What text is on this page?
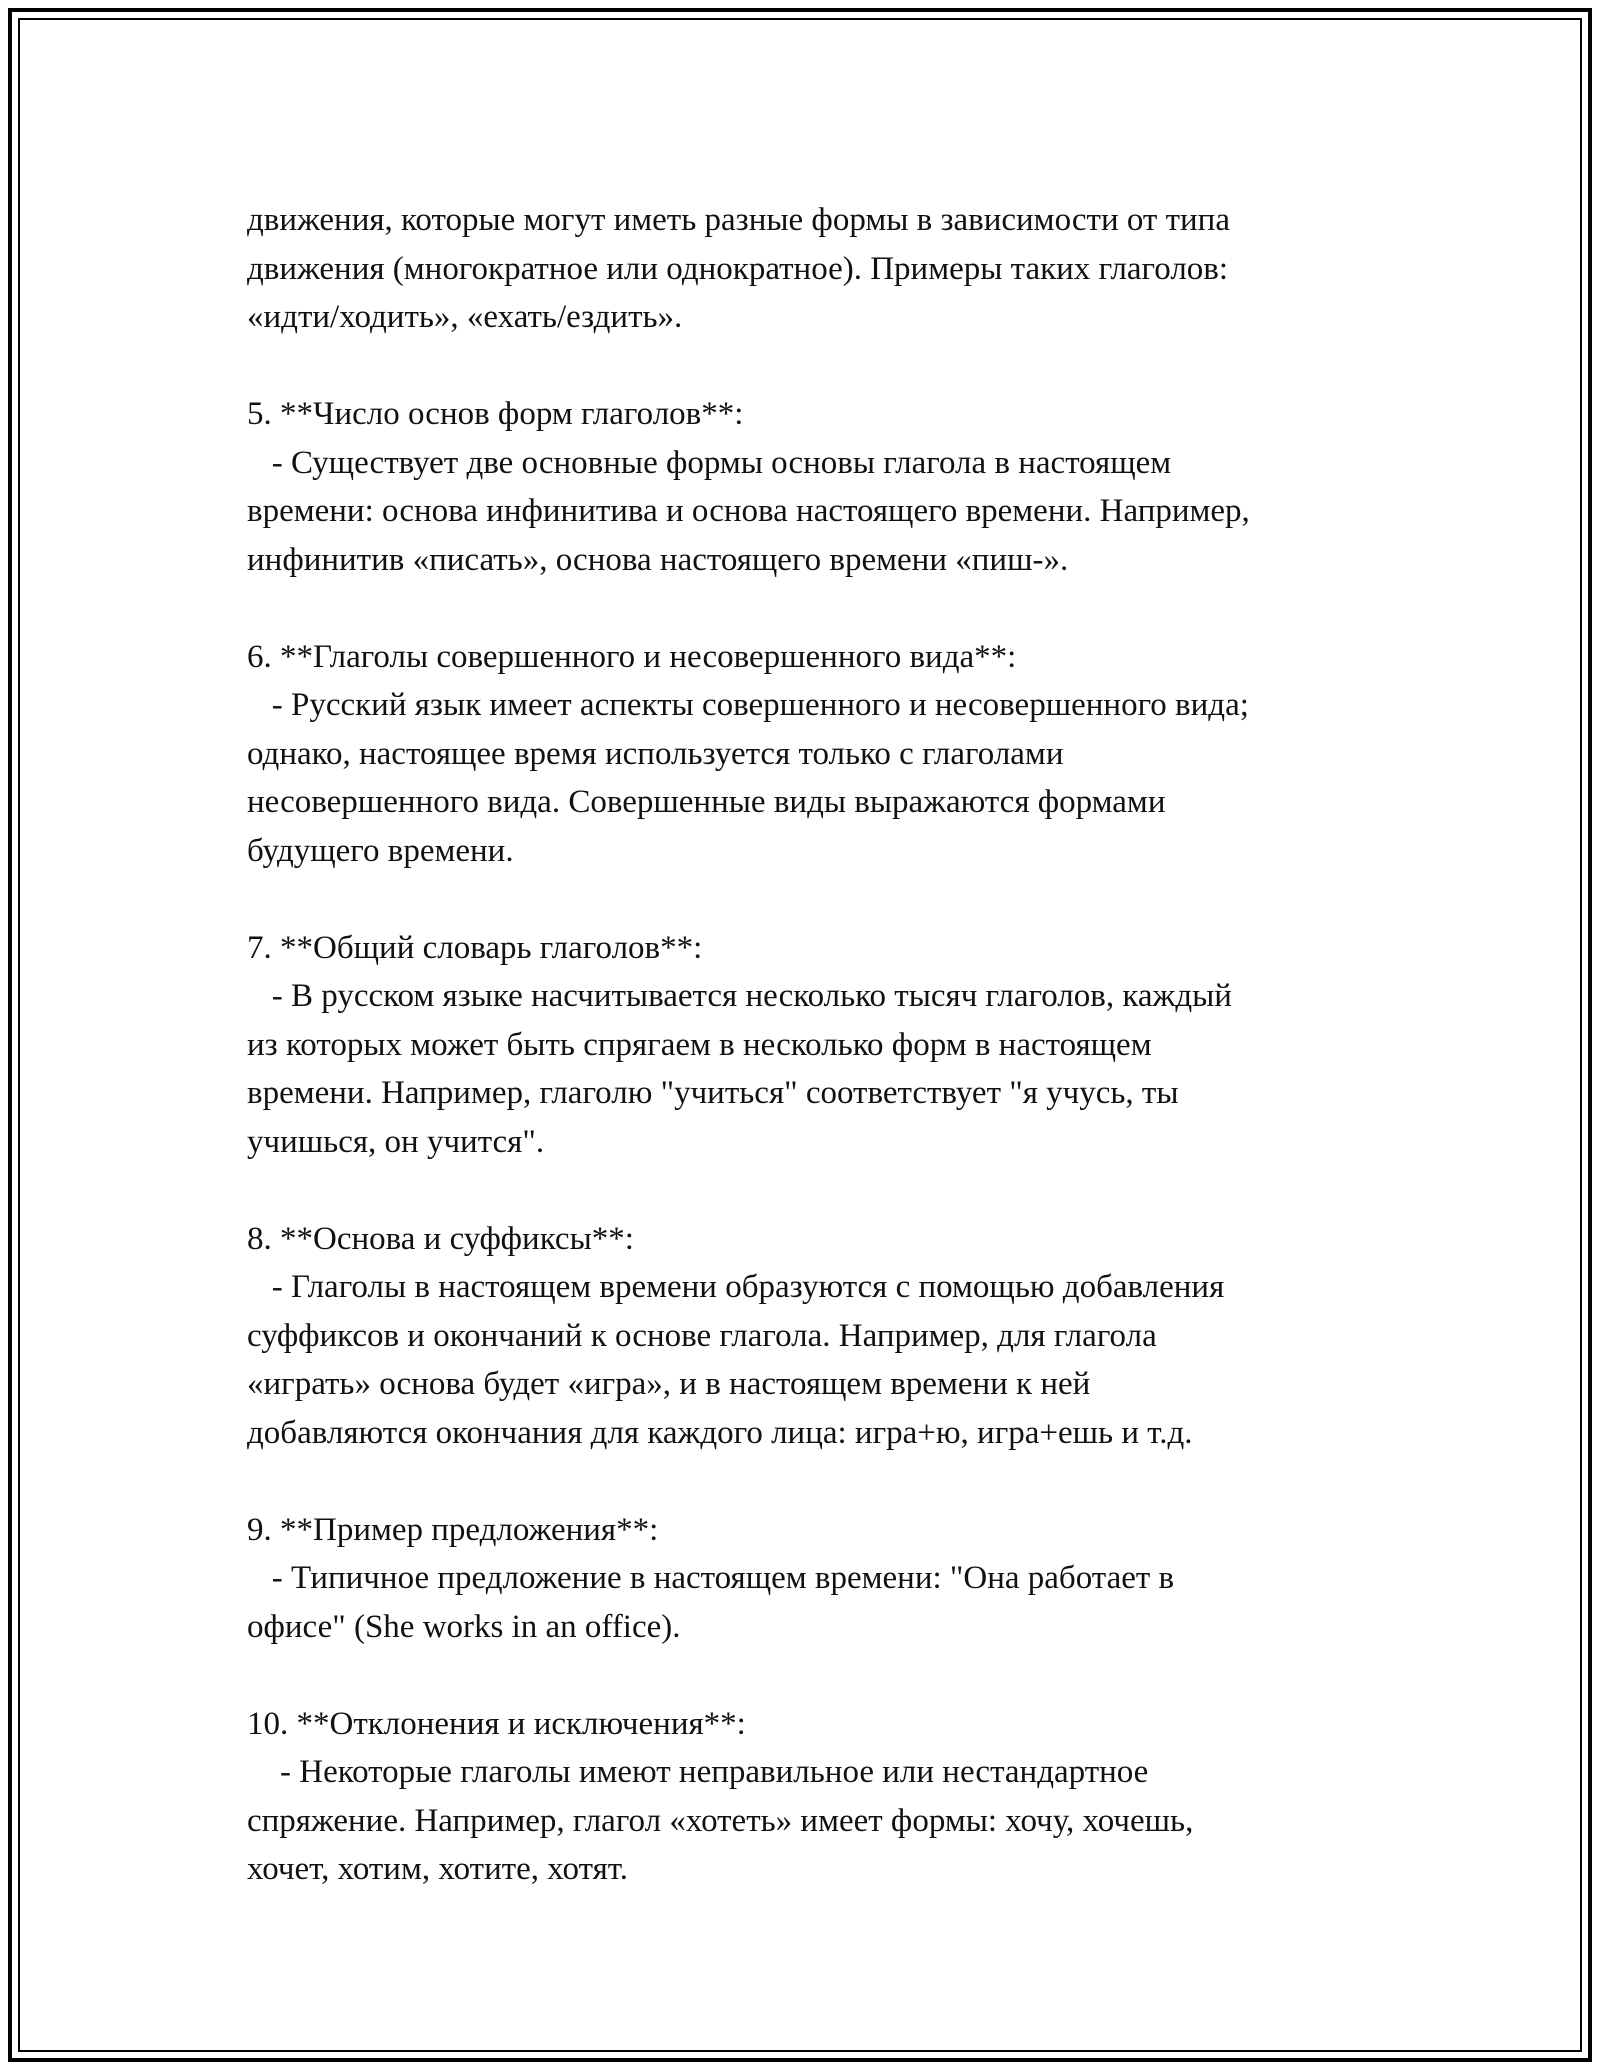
движения, которые могут иметь разные формы в зависимости от типа
движения (многократное или однократное). Примеры таких глаголов:
«идти/ходить», «ехать/ездить».

5. **Число основ форм глаголов**:

- Существует две основные формы основы глагола в настоящем
времени: основа инфинитива и основа настоящего времени. Например,
инфинитив «писать», основа настоящего времени «пиш-».

6. **Глаголы совершенного и несовершенного вида**:

- Русский язык имеет аспекты совершенного и несовершенного вида;
однако, настоящее время используется только с глаголами
несовершенного вида. Совершенные виды выражаются формами
будущего времени.

7. **Общий словарь глаголов**:

- В русском языке насчитывается несколько тысяч глаголов, каждый
из которых может быть спрягаем в несколько форм в настоящем
времени. Например, глаголю "учиться" соответствует "я учусь, ты
учишься, он учится".

8. **Основа и суффиксы**:

- Глаголы в настоящем времени образуются с помощью добавления
суффиксов и окончаний к основе глагола. Например, для глагола
«играть» основа будет «игра», и в настоящем времени к ней
добавляются окончания для каждого лица: игра+ю, игра+ешь и т.д.

9. **Пример предложения**:

- Типичное предложение в настоящем времени: "Она работает в
офисе" (She works in an office).

10. **Отклонения и исключения**:

- Некоторые глаголы имеют неправильное или нестандартное
спряжение. Например, глагол «хотеть» имеет формы: хочу, хочешь,
хочет, хотим, хотите, хотят.
